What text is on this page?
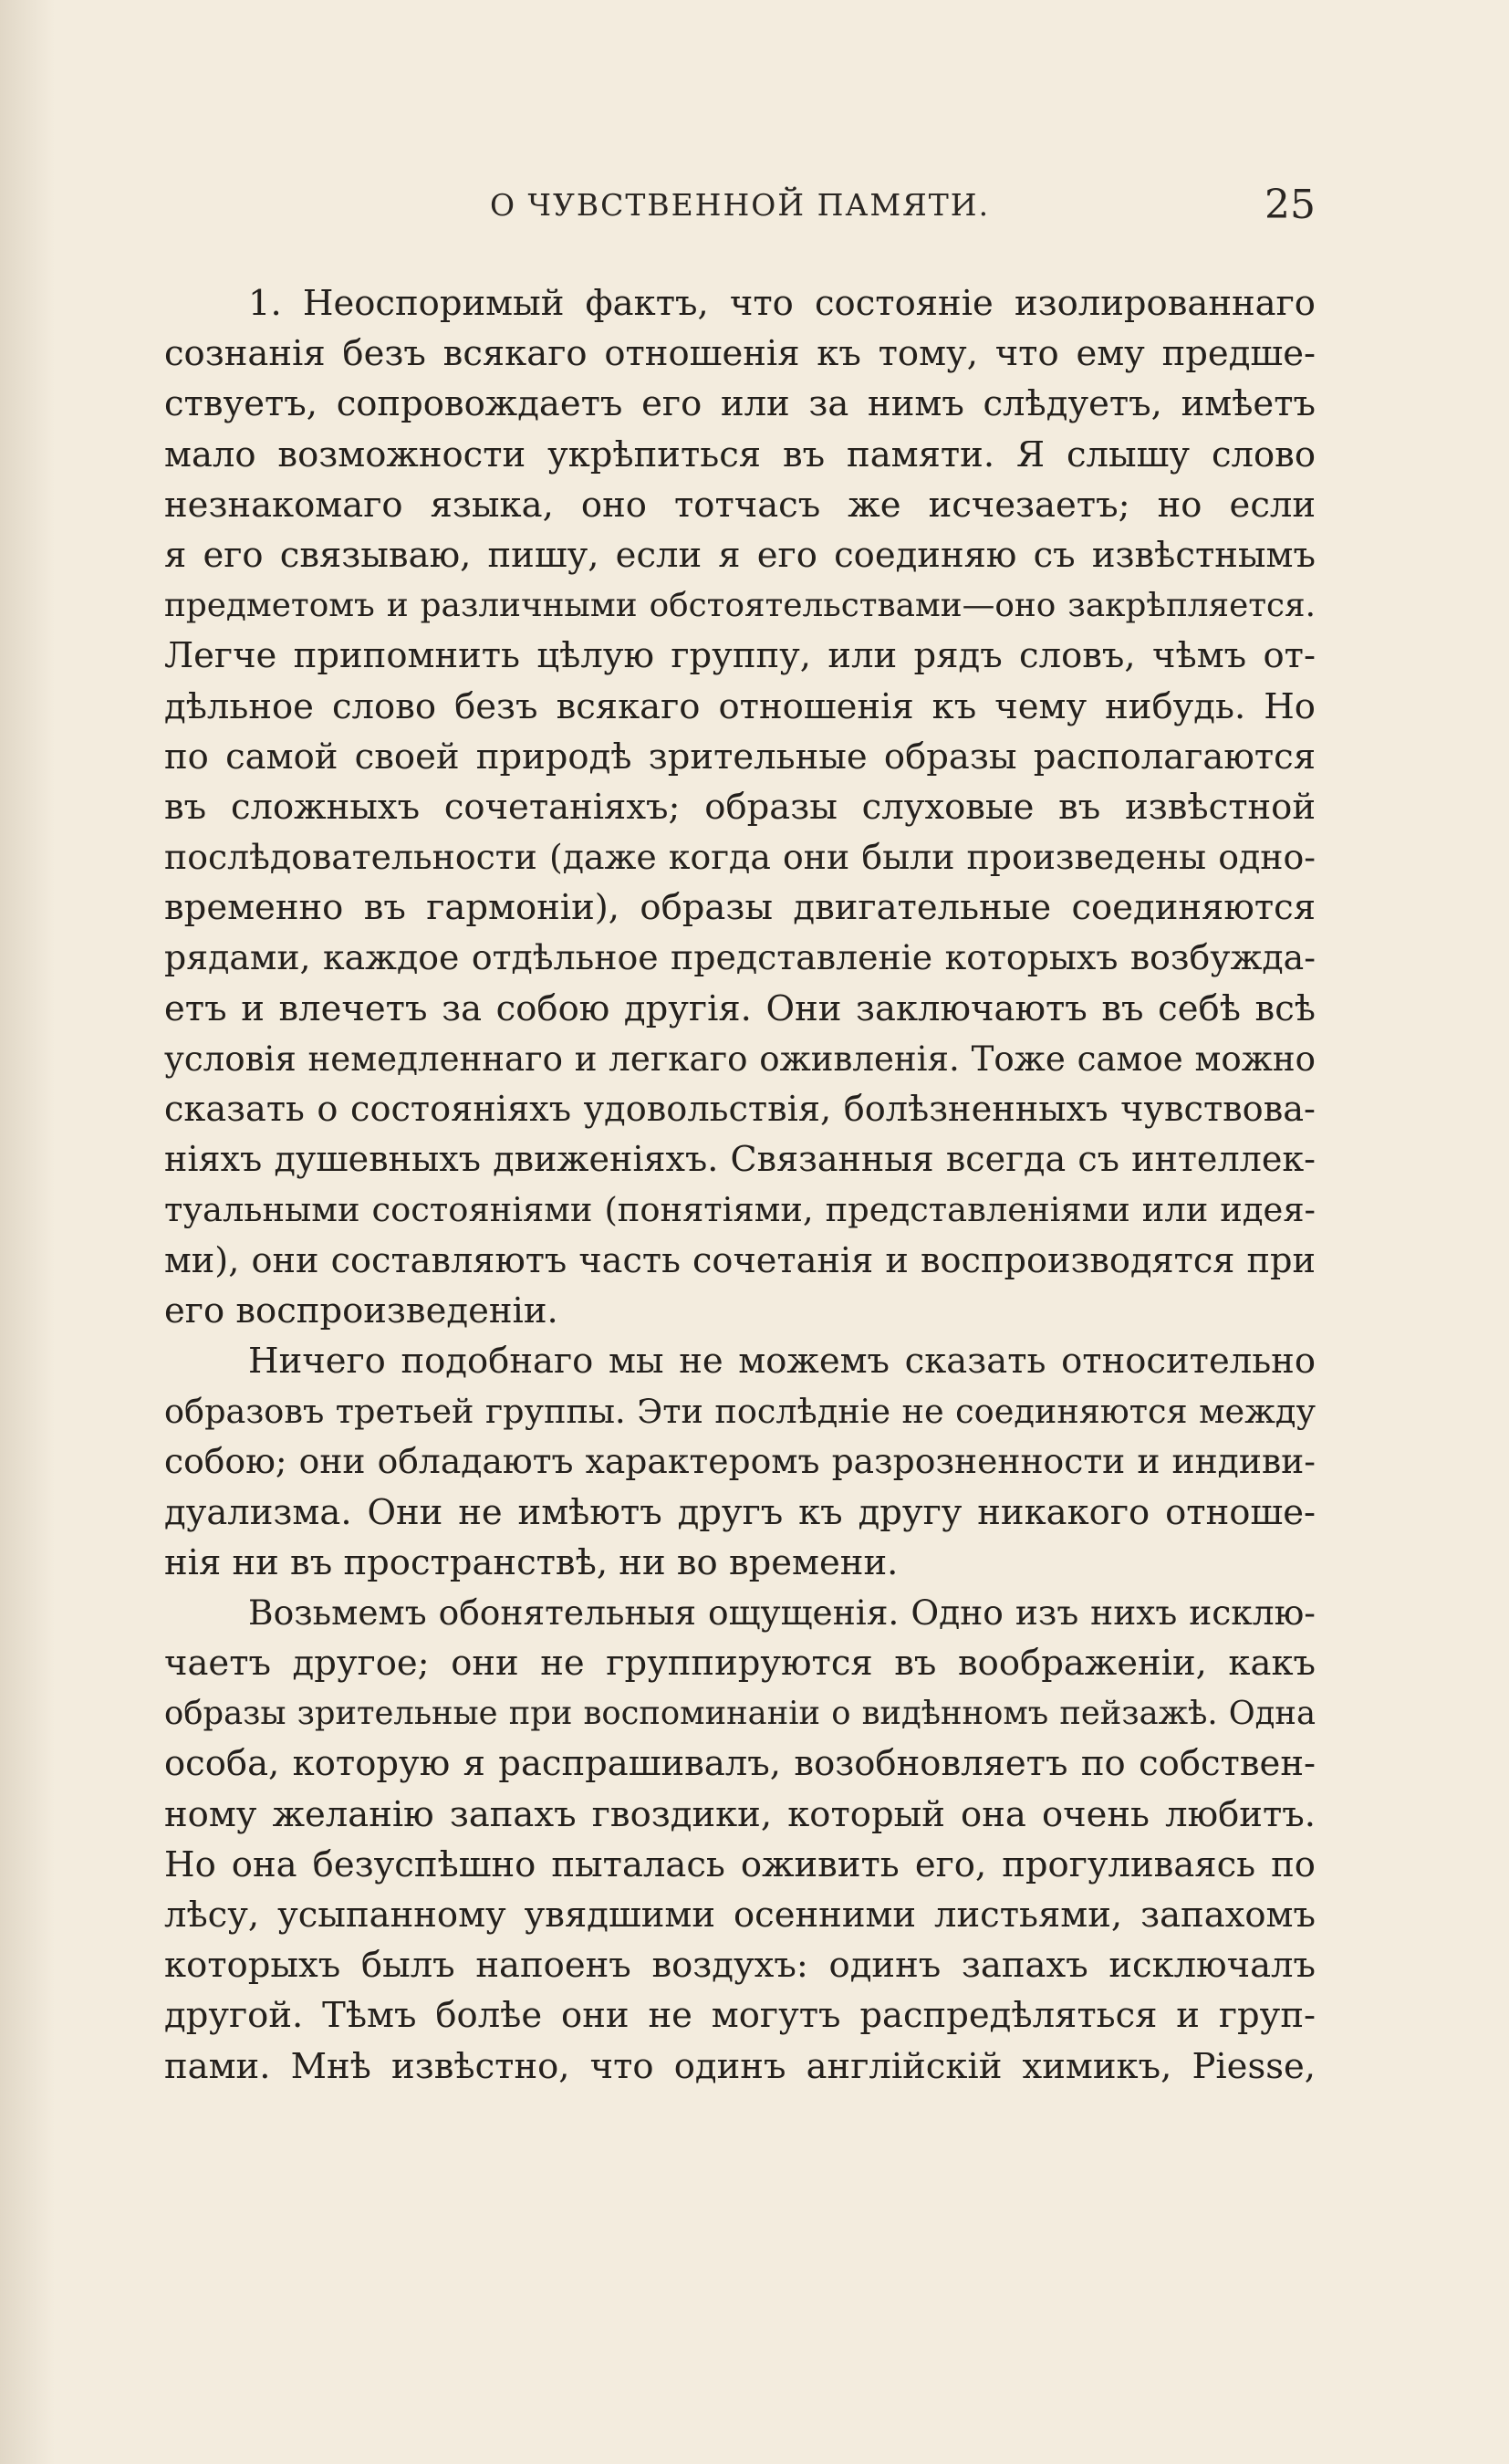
О ЧУВСТВЕННОЙ ПАМЯТИ.	25
1. Неоспоримый фактъ, что состояніе изолированнаго
сознанія безъ всякаго отношенія къ тому, что ему предше-
ствуетъ, сопровождаетъ его или за нимъ слѣдуетъ, имѣетъ
мало возможности укрѣпиться въ памяти. Я слышу слово
незнакомаго языка, оно тотчасъ же исчезаетъ; но если
я его связываю, пишу, если я его соединяю съ извѣстнымъ
предметомъ и различными обстоятельствами—оно закрѣпляется.
Легче припомнить цѣлую группу, или рядъ словъ, чѣмъ от-
дѣльное слово безъ всякаго отношенія къ чему нибудь. Но
по самой своей природѣ зрительные образы располагаются
въ сложныхъ сочетаніяхъ; образы слуховые въ извѣстной
послѣдовательности (даже когда они были произведены одно-
временно въ гармоніи), образы двигательные соединяются
рядами, каждое отдѣльное представленіе которыхъ возбужда-
етъ и влечетъ за собою другія. Они заключаютъ въ себѣ всѣ
условія немедленнаго и легкаго оживленія. Тоже самое можно
сказать о состояніяхъ удовольствія, болѣзненныхъ чувствова-
ніяхъ душевныхъ движеніяхъ. Связанныя всегда съ интеллек-
туальными состояніями (понятіями, представленіями или идея-
ми), они составляютъ часть сочетанія и воспроизводятся при
его воспроизведеніи.
Ничего подобнаго мы не можемъ сказать относительно
образовъ третьей группы. Эти послѣдніе не соединяются между
собою; они обладаютъ характеромъ разрозненности и индиви-
дуализма. Они не имѣютъ другъ къ другу никакого отноше-
нія ни въ пространствѣ, ни во времени.
Возьмемъ обонятельныя ощущенія. Одно изъ нихъ исклю-
чаетъ другое; они не группируются въ воображеніи, какъ
образы зрительные при воспоминаніи о видѣнномъ пейзажѣ. Одна
особа, которую я распрашивалъ, возобновляетъ по собствен-
ному желанію запахъ гвоздики, который она очень любитъ.
Но она безуспѣшно пыталась оживить его, прогуливаясь по
лѣсу, усыпанному увядшими осенними листьями, запахомъ
которыхъ былъ напоенъ воздухъ: одинъ запахъ исключалъ
другой. Тѣмъ болѣе они не могутъ распредѣляться и груп-
пами. Мнѣ извѣстно, что одинъ англійскій химикъ, Piesse,
